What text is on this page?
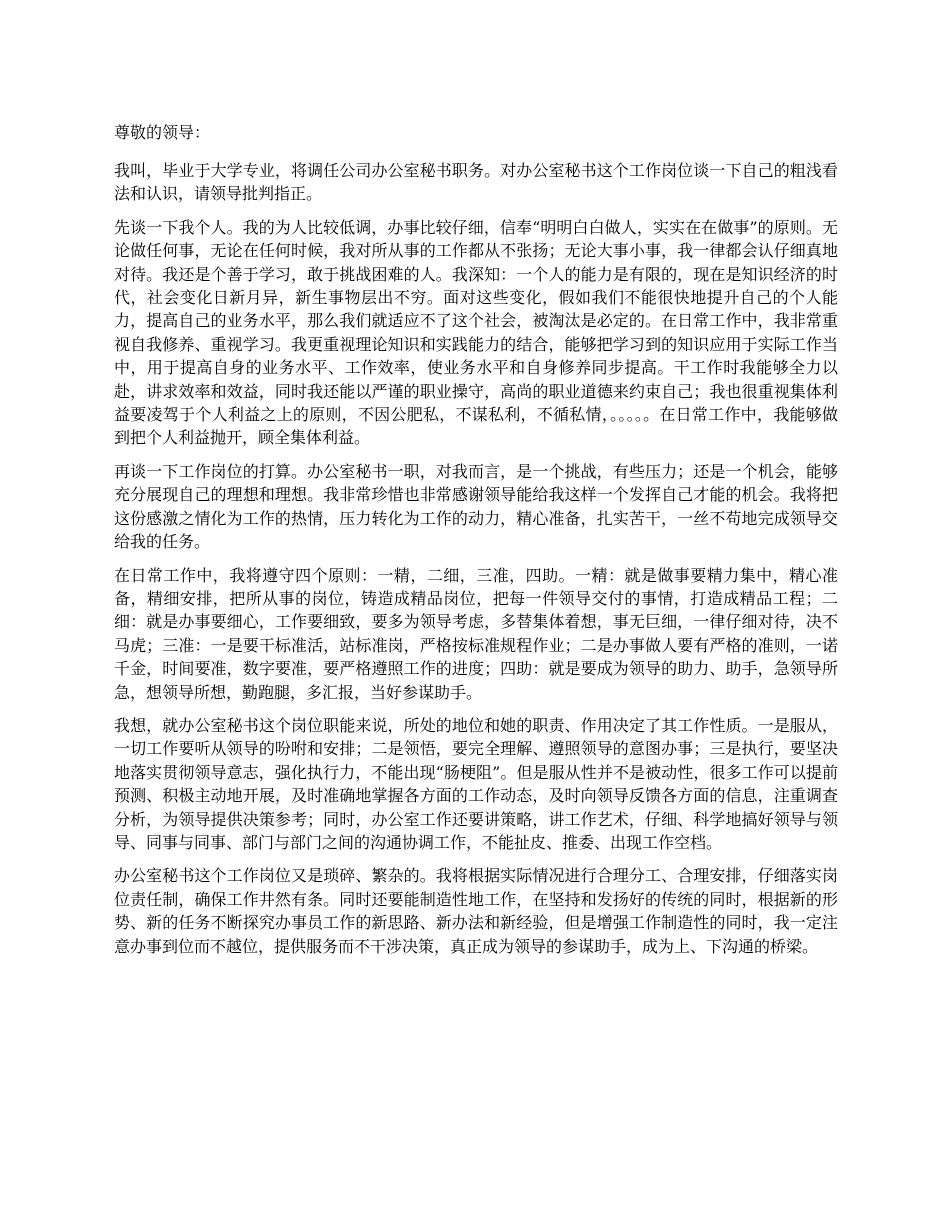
尊敬的领导：

我叫，毕业于大学专业，将调任公司办公室秘书职务。对办公室秘书这个工作岗位谈一下自己的粗浅看法和认识，请领导批判指正。

先谈一下我个人。我的为人比较低调，办事比较仔细，信奉“明明白白做人，实实在在做事”的原则。无论做任何事，无论在任何时候，我对所从事的工作都从不张扬；无论大事小事，我一律都会认仔细真地对待。我还是个善于学习，敢于挑战困难的人。我深知：一个人的能力是有限的，现在是知识经济的时代，社会变化日新月异，新生事物层出不穷。面对这些变化，假如我们不能很快地提升自己的个人能力，提高自己的业务水平，那么我们就适应不了这个社会，被淘汰是必定的。在日常工作中，我非常重视自我修养、重视学习。我更重视理论知识和实践能力的结合，能够把学习到的知识应用于实际工作当中，用于提高自身的业务水平、工作效率，使业务水平和自身修养同步提高。干工作时我能够全力以赴，讲求效率和效益，同时我还能以严谨的职业操守，高尚的职业道德来约束自己；我也很重视集体利益要凌驾于个人利益之上的原则，不因公肥私，不谋私利，不循私情，。。。。。在日常工作中，我能够做到把个人利益抛开，顾全集体利益。

再谈一下工作岗位的打算。办公室秘书一职，对我而言，是一个挑战，有些压力；还是一个机会，能够充分展现自己的理想和理想。我非常珍惜也非常感谢领导能给我这样一个发挥自己才能的机会。我将把这份感激之情化为工作的热情，压力转化为工作的动力，精心准备，扎实苦干，一丝不苟地完成领导交给我的任务。

在日常工作中，我将遵守四个原则：一精，二细，三准，四助。一精：就是做事要精力集中，精心准备，精细安排，把所从事的岗位，铸造成精品岗位，把每一件领导交付的事情，打造成精品工程；二细：就是办事要细心，工作要细致，要多为领导考虑，多替集体着想，事无巨细，一律仔细对待，决不马虎；三准：一是要干标准活，站标准岗，严格按标准规程作业；二是办事做人要有严格的准则，一诺千金，时间要准，数字要准，要严格遵照工作的进度；四助：就是要成为领导的助力、助手，急领导所急，想领导所想，勤跑腿，多汇报，当好参谋助手。

我想，就办公室秘书这个岗位职能来说，所处的地位和她的职责、作用决定了其工作性质。一是服从，一切工作要听从领导的吩咐和安排；二是领悟，要完全理解、遵照领导的意图办事；三是执行，要坚决地落实贯彻领导意志，强化执行力，不能出现“肠梗阻”。但是服从性并不是被动性，很多工作可以提前预测、积极主动地开展，及时准确地掌握各方面的工作动态，及时向领导反馈各方面的信息，注重调查分析，为领导提供决策参考；同时，办公室工作还要讲策略，讲工作艺术，仔细、科学地搞好领导与领导、同事与同事、部门与部门之间的沟通协调工作，不能扯皮、推委、出现工作空档。

办公室秘书这个工作岗位又是琐碎、繁杂的。我将根据实际情况进行合理分工、合理安排，仔细落实岗位责任制，确保工作井然有条。同时还要能制造性地工作，在坚持和发扬好的传统的同时，根据新的形势、新的任务不断探究办事员工作的新思路、新办法和新经验，但是增强工作制造性的同时，我一定注意办事到位而不越位，提供服务而不干涉决策，真正成为领导的参谋助手，成为上、下沟通的桥梁。
